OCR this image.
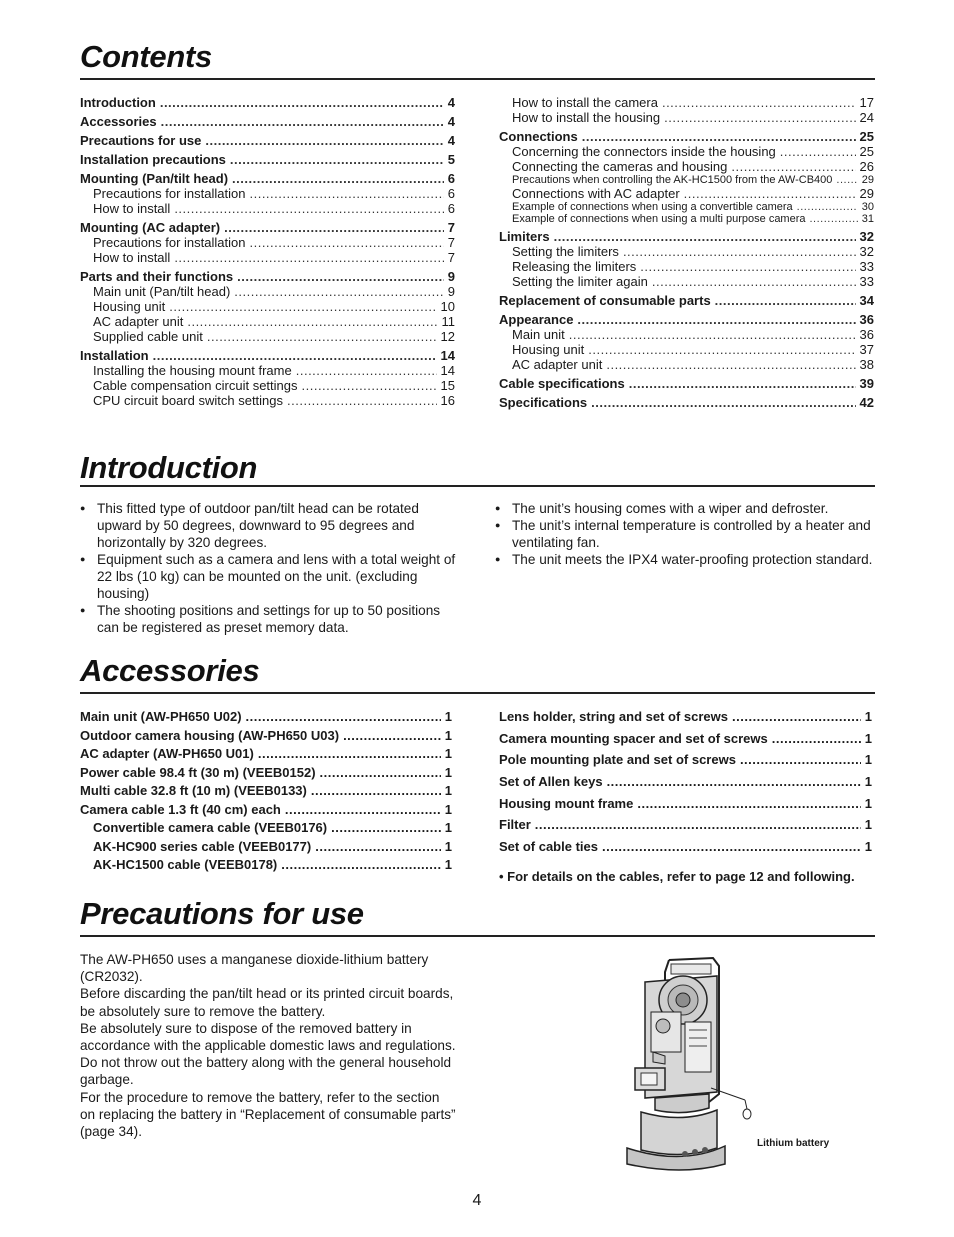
Contents
Introduction .....	4
Accessories .....	4
Precautions for use .....	4
Installation precautions .....	5
Mounting (Pan/tilt head) .....	6
Precautions for installation .....	6
How to install .....	6
Mounting (AC adapter) .....	7
Precautions for installation .....	7
How to install .....	7
Parts and their functions .....	9
Main unit (Pan/tilt head) .....	9
Housing unit .....	10
AC adapter unit .....	11
Supplied cable unit .....	12
Installation .....	14
Installing the housing mount frame .....	14
Cable compensation circuit settings .....	15
CPU circuit board switch settings .....	16
How to install the camera .....	17
How to install the housing .....	24
Connections .....	25
Concerning the connectors inside the housing .....	25
Connecting the cameras and housing .....	26
Precautions when controlling the AK-HC1500 from the AW-CB400 .....	29
Connections with AC adapter .....	29
Example of connections when using a convertible camera .....	30
Example of connections when using a multi purpose camera .....	31
Limiters .....	32
Setting the limiters .....	32
Releasing the limiters .....	33
Setting the limiter again .....	33
Replacement of consumable parts .....	34
Appearance .....	36
Main unit .....	36
Housing unit .....	37
AC adapter unit .....	38
Cable specifications .....	39
Specifications .....	42
Introduction
● This fitted type of outdoor pan/tilt head can be rotated upward by 50 degrees, downward to 95 degrees and horizontally by 320 degrees.
● Equipment such as a camera and lens with a total weight of 22 lbs (10 kg) can be mounted on the unit. (excluding housing)
● The shooting positions and settings for up to 50 positions can be registered as preset memory data.
● The unit’s housing comes with a wiper and defroster.
● The unit’s internal temperature is controlled by a heater and ventilating fan.
● The unit meets the IPX4 water-proofing protection standard.
Accessories
Main unit (AW-PH650 U02) .....	1
Outdoor camera housing (AW-PH650 U03) .....	1
AC adapter (AW-PH650 U01) .....	1
Power cable 98.4 ft (30 m) (VEEB0152) .....	1
Multi cable 32.8 ft (10 m) (VEEB0133) .....	1
Camera cable 1.3 ft (40 cm) each .....	1
Convertible camera cable (VEEB0176) .....	1
AK-HC900 series cable (VEEB0177) .....	1
AK-HC1500 cable (VEEB0178) .....	1
Lens holder, string and set of screws .....	1
Camera mounting spacer and set of screws .....	1
Pole mounting plate and set of screws .....	1
Set of Allen keys .....	1
Housing mount frame .....	1
Filter .....	1
Set of cable ties .....	1
• For details on the cables, refer to page 12 and following.
Precautions for use

The AW-PH650 uses a manganese dioxide-lithium battery (CR2032).

Before discarding the pan/tilt head or its printed circuit boards, be absolutely sure to remove the battery.

Be absolutely sure to dispose of the removed battery in accordance with the applicable domestic laws and regulations.

Do not throw out the battery along with the general household garbage.

For the procedure to remove the battery, refer to the section on replacing the battery in “Replacement of consumable parts” (page 34).

Lithium battery
4
